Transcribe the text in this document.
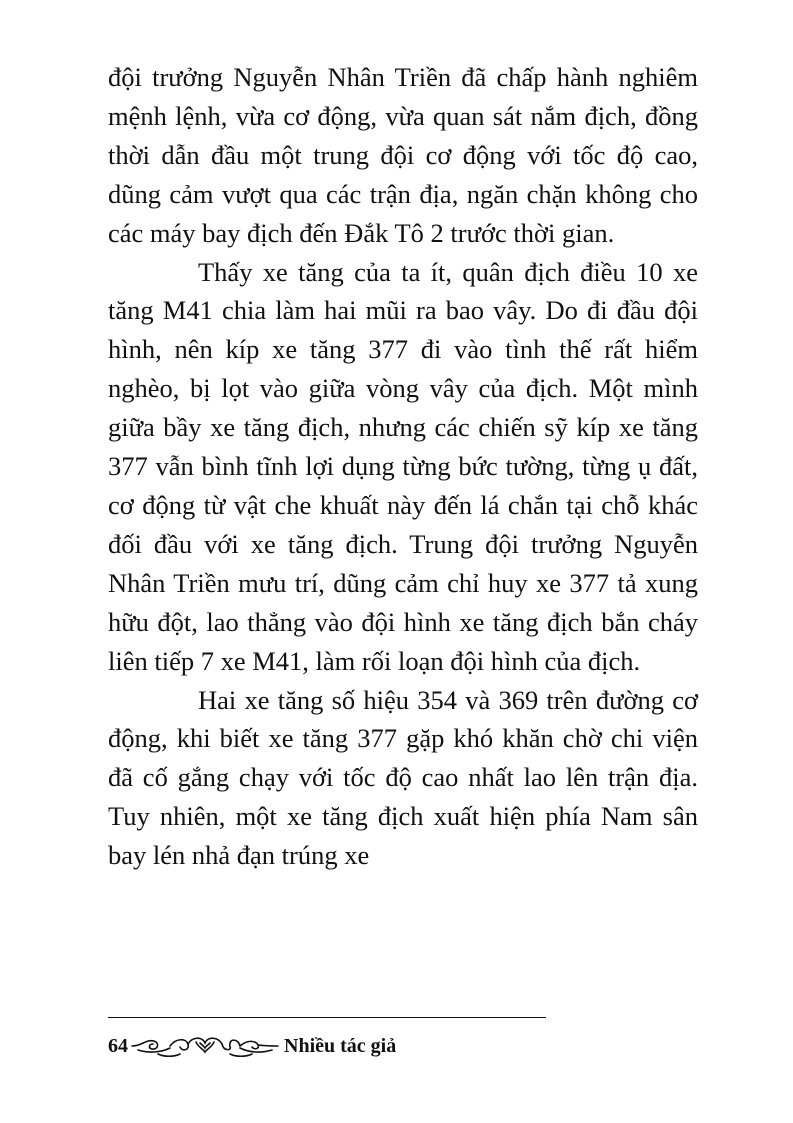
đội trưởng Nguyễn Nhân Triền đã chấp hành nghiêm mệnh lệnh, vừa cơ động, vừa quan sát nắm địch, đồng thời dẫn đầu một trung đội cơ động với tốc độ cao, dũng cảm vượt qua các trận địa, ngăn chặn không cho các máy bay địch đến Đắk Tô 2 trước thời gian.

Thấy xe tăng của ta ít, quân địch điều 10 xe tăng M41 chia làm hai mũi ra bao vây. Do đi đầu đội hình, nên kíp xe tăng 377 đi vào tình thế rất hiểm nghèo, bị lọt vào giữa vòng vây của địch. Một mình giữa bầy xe tăng địch, nhưng các chiến sỹ kíp xe tăng 377 vẫn bình tĩnh lợi dụng từng bức tường, từng ụ đất, cơ động từ vật che khuất này đến lá chắn tại chỗ khác đối đầu với xe tăng địch. Trung đội trưởng Nguyễn Nhân Triền mưu trí, dũng cảm chỉ huy xe 377 tả xung hữu đột, lao thẳng vào đội hình xe tăng địch bắn cháy liên tiếp 7 xe M41, làm rối loạn đội hình của địch.

Hai xe tăng số hiệu 354 và 369 trên đường cơ động, khi biết xe tăng 377 gặp khó khăn chờ chi viện đã cố gắng chạy với tốc độ cao nhất lao lên trận địa. Tuy nhiên, một xe tăng địch xuất hiện phía Nam sân bay lén nhả đạn trúng xe

64	Nhiều tác giả
